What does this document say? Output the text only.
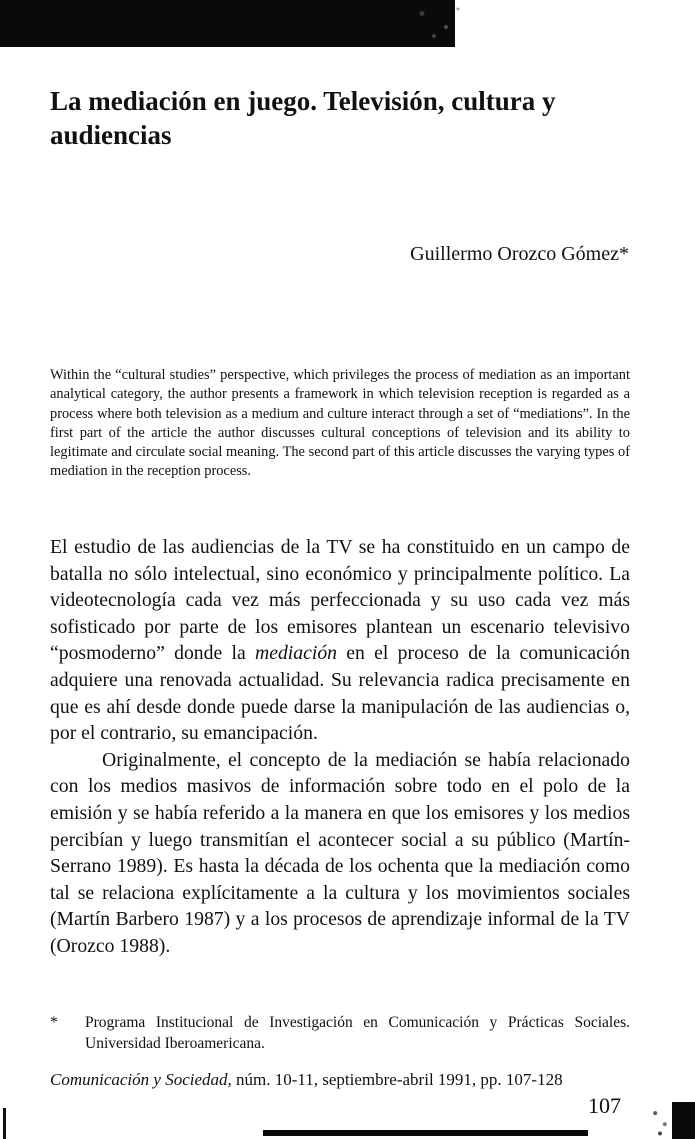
La mediación en juego. Televisión, cultura y audiencias

Guillermo Orozco Gómez*

Within the “cultural studies” perspective, which privileges the process of mediation as an important analytical category, the author presents a framework in which television reception is regarded as a process where both television as a medium and culture interact through a set of “mediations”. In the first part of the article the author discusses cultural conceptions of television and its ability to legitimate and circulate social meaning. The second part of this article discusses the varying types of mediation in the reception process.

El estudio de las audiencias de la TV se ha constituido en un campo de batalla no sólo intelectual, sino económico y principalmente político. La videotecnología cada vez más perfeccionada y su uso cada vez más sofisticado por parte de los emisores plantean un escenario televisivo “posmoderno” donde la mediación en el proceso de la comunicación adquiere una renovada actualidad. Su relevancia radica precisamente en que es ahí desde donde puede darse la manipulación de las audiencias o, por el contrario, su emancipación.

Originalmente, el concepto de la mediación se había relacionado con los medios masivos de información sobre todo en el polo de la emisión y se había referido a la manera en que los emisores y los medios percibían y luego transmitían el acontecer social a su público (Martín-Serrano 1989). Es hasta la década de los ochenta que la mediación como tal se relaciona explícitamente a la cultura y los movimientos sociales (Martín Barbero 1987) y a los procesos de aprendizaje informal de la TV (Orozco 1988).

*	Programa Institucional de Investigación en Comunicación y Prácticas Sociales. Universidad Iberoamericana.

Comunicación y Sociedad, núm. 10-11, septiembre-abril 1991, pp. 107-128

107
